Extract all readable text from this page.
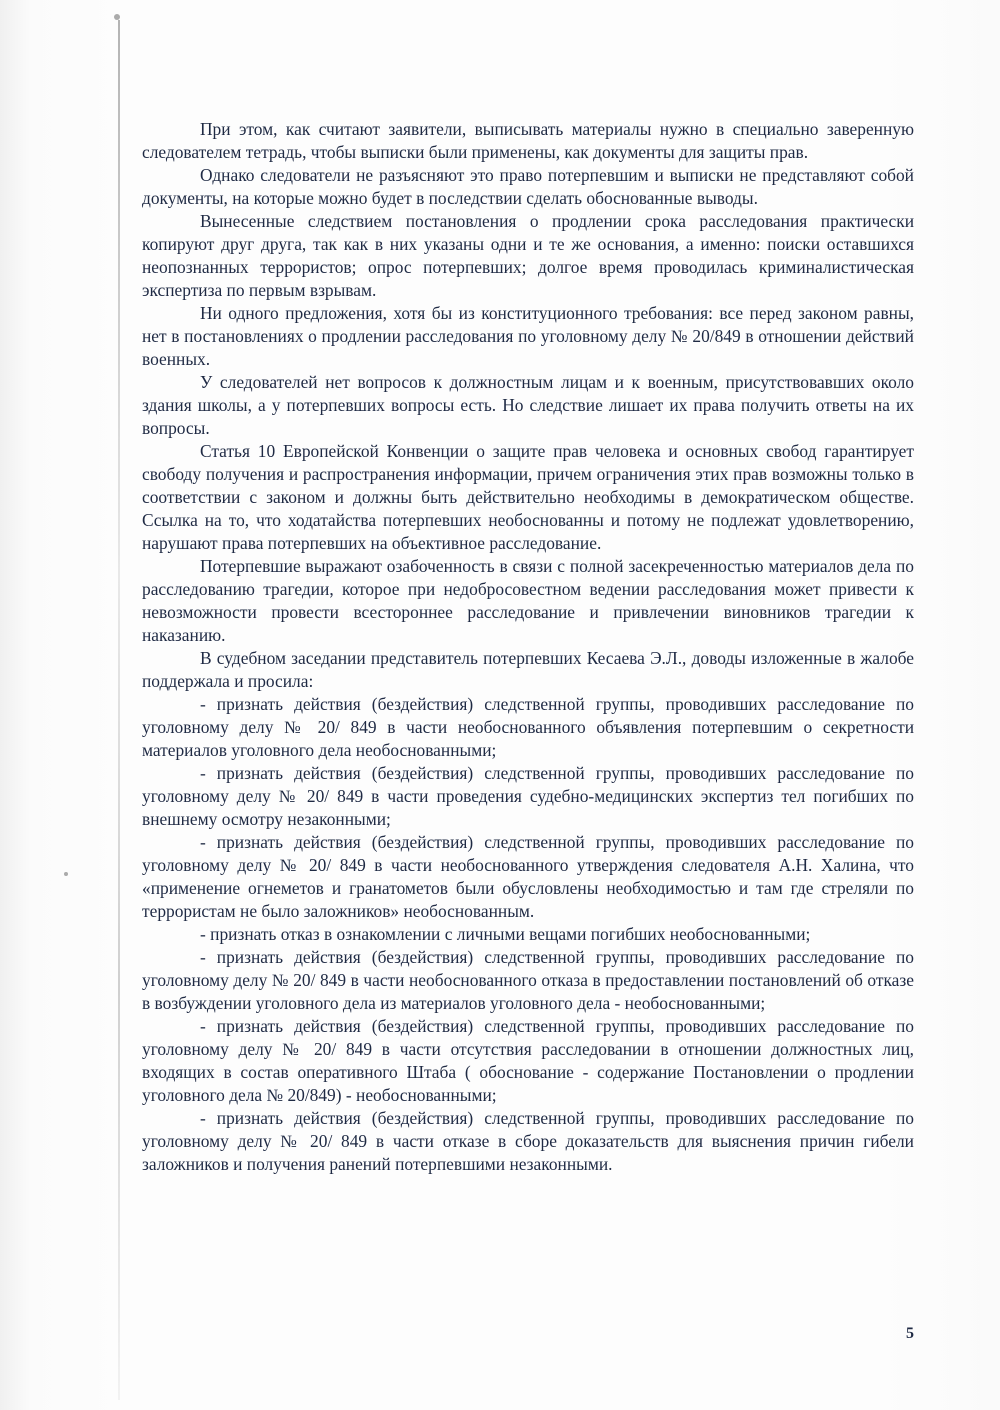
При этом, как считают заявители, выписывать материалы нужно в специально заверенную следователем тетрадь, чтобы выписки были применены, как документы для защиты прав.

Однако следователи не разъясняют это право потерпевшим и выписки не представляют собой документы, на которые можно будет в последствии сделать обоснованные выводы.

Вынесенные следствием постановления о продлении срока расследования практически копируют друг друга, так как в них указаны одни и те же основания, а именно: поиски оставшихся неопознанных террористов; опрос потерпевших; долгое время проводилась криминалистическая экспертиза по первым взрывам.

Ни одного предложения, хотя бы из конституционного требования: все перед законом равны, нет в постановлениях о продлении расследования по уголовному делу № 20/849 в отношении действий военных.

У следователей нет вопросов к должностным лицам и к военным, присутствовавших около здания школы, а у потерпевших вопросы есть. Но следствие лишает их права получить ответы на их вопросы.

Статья 10 Европейской Конвенции о защите прав человека и основных свобод гарантирует свободу получения и распространения информации, причем ограничения этих прав возможны только в соответствии с законом и должны быть действительно необходимы в демократическом обществе. Ссылка на то, что ходатайства потерпевших необоснованны и потому не подлежат удовлетворению, нарушают права потерпевших на объективное расследование.

Потерпевшие выражают озабоченность в связи с полной засекреченностью материалов дела по расследованию трагедии, которое при недобросовестном ведении расследования может привести к невозможности провести всестороннее расследование и привлечении виновников трагедии к наказанию.

В судебном заседании представитель потерпевших Кесаева Э.Л., доводы изложенные в жалобе поддержала и просила:

- признать действия (бездействия) следственной группы, проводивших расследование по уголовному делу № 20/ 849 в части необоснованного объявления потерпевшим о секретности материалов уголовного дела необоснованными;

- признать действия (бездействия) следственной группы, проводивших расследование по уголовному делу № 20/ 849 в части проведения судебно-медицинских экспертиз тел погибших по внешнему осмотру незаконными;

- признать действия (бездействия) следственной группы, проводивших расследование по уголовному делу № 20/ 849 в части необоснованного утверждения следователя А.Н. Халина, что «применение огнеметов и гранатометов были обусловлены необходимостью и там где стреляли по террористам не было заложников» необоснованным.

- признать отказ в ознакомлении с личными вещами погибших необоснованными;

- признать действия (бездействия) следственной группы, проводивших расследование по уголовному делу № 20/ 849 в части необоснованного отказа в предоставлении постановлений об отказе в возбуждении уголовного дела из материалов уголовного дела - необоснованными;

- признать действия (бездействия) следственной группы, проводивших расследование по уголовному делу № 20/ 849 в части отсутствия расследовании в отношении должностных лиц, входящих в состав оперативного Штаба ( обоснование - содержание Постановлении о продлении уголовного дела № 20/849) - необоснованными;

- признать действия (бездействия) следственной группы, проводивших расследование по уголовному делу № 20/ 849 в части отказе в сборе доказательств для выяснения причин гибели заложников и получения ранений потерпевшими незаконными.

5
